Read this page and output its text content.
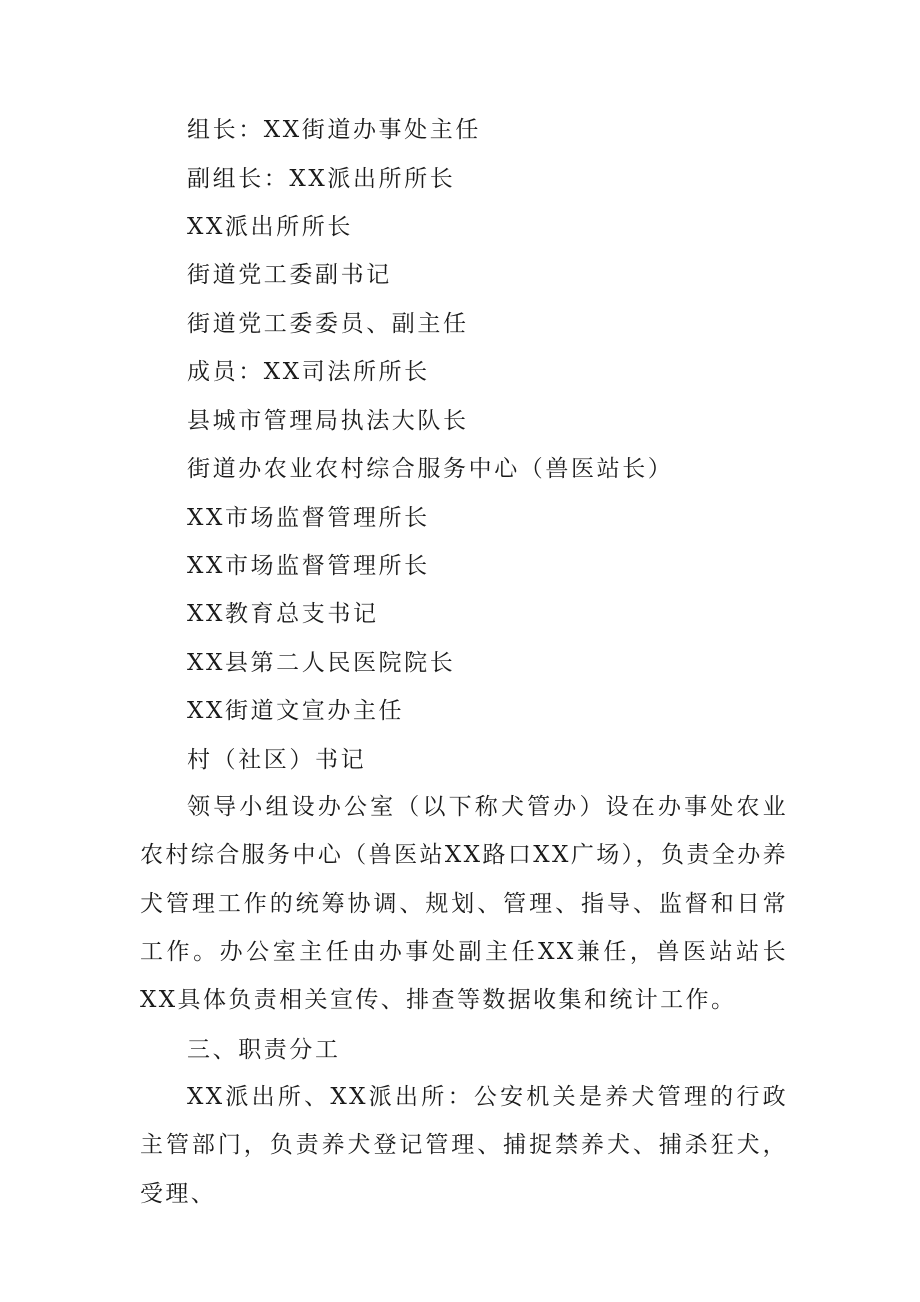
组长：XX街道办事处主任
副组长：XX派出所所长
XX派出所所长
街道党工委副书记
街道党工委委员、副主任
成员：XX司法所所长
县城市管理局执法大队长
街道办农业农村综合服务中心（兽医站长）
XX市场监督管理所长
XX市场监督管理所长
XX教育总支书记
XX县第二人民医院院长
XX街道文宣办主任
村（社区）书记

领导小组设办公室（以下称犬管办）设在办事处农业农村综合服务中心（兽医站XX路口XX广场），负责全办养犬管理工作的统筹协调、规划、管理、指导、监督和日常工作。办公室主任由办事处副主任XX兼任，兽医站站长XX具体负责相关宣传、排查等数据收集和统计工作。

三、职责分工

XX派出所、XX派出所：公安机关是养犬管理的行政主管部门，负责养犬登记管理、捕捉禁养犬、捕杀狂犬，受理、
